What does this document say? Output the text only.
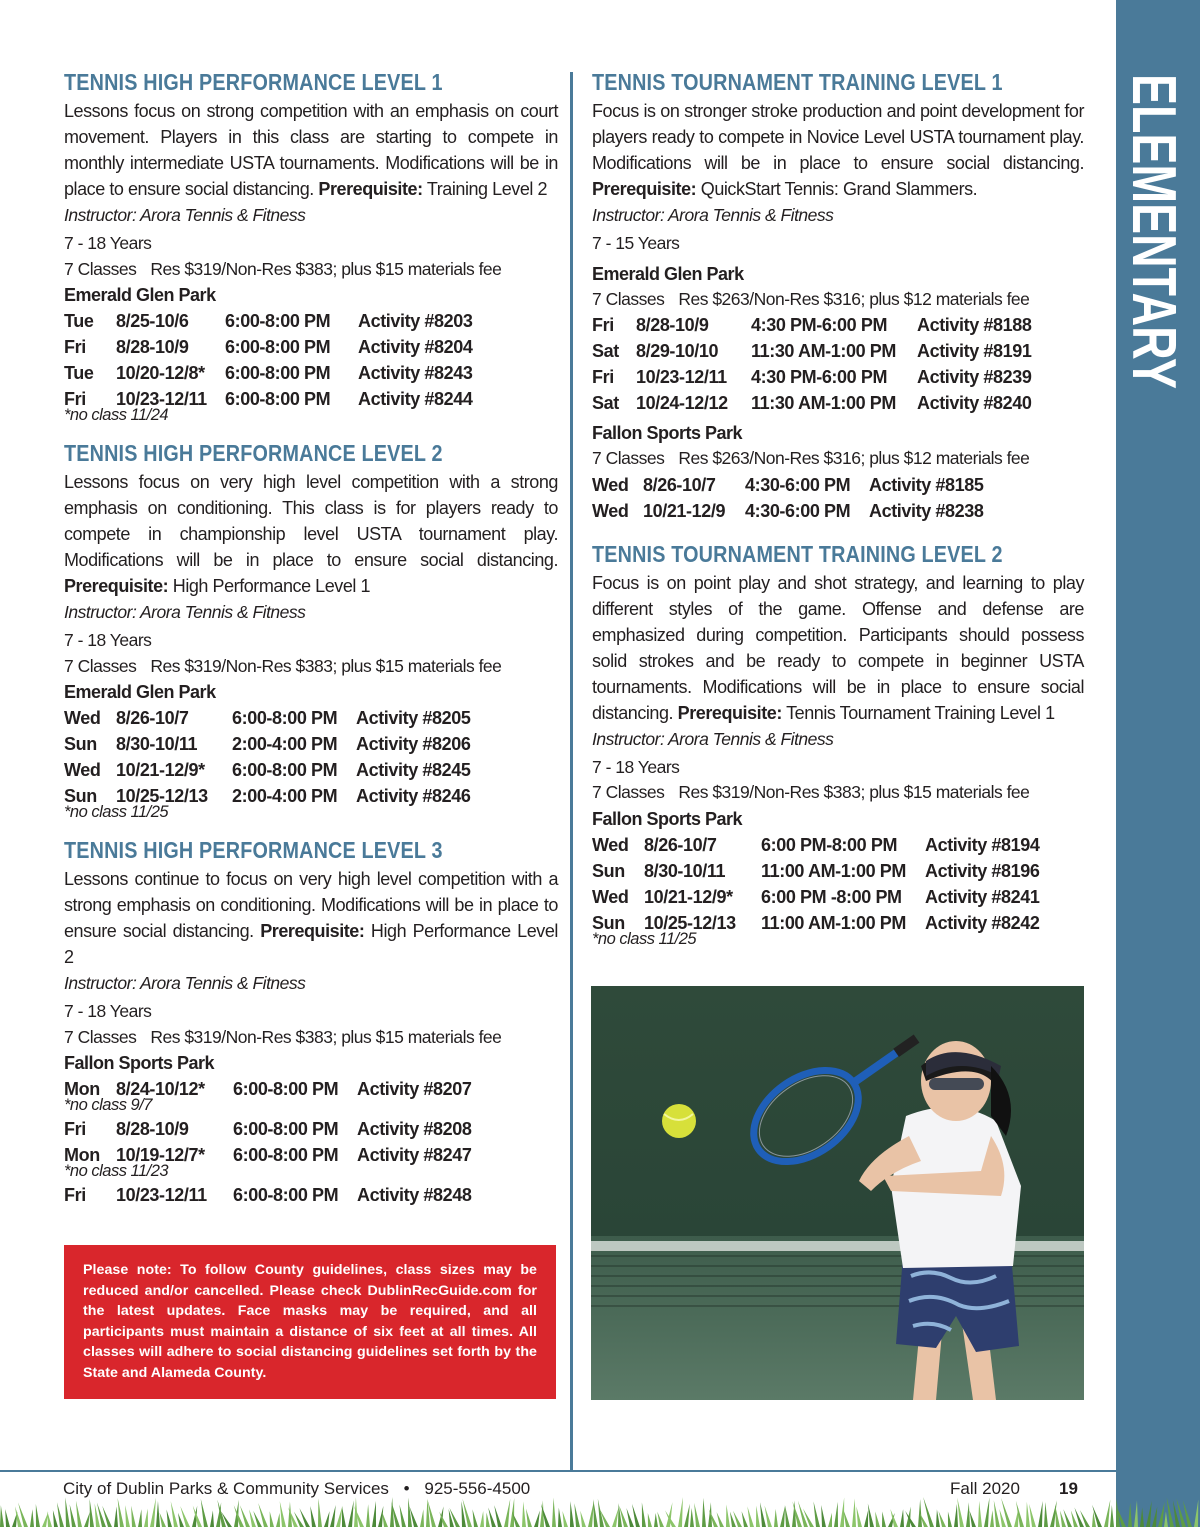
TENNIS HIGH PERFORMANCE LEVEL 1

Lessons focus on strong competition with an emphasis on court movement. Players in this class are starting to compete in monthly intermediate USTA tournaments. Modifications will be in place to ensure social distancing. Prerequisite: Training Level 2

Instructor: Arora Tennis & Fitness

7 - 18 Years

7 Classes Res $319/Non-Res $383; plus $15 materials fee

Emerald Glen Park

Tue	8/25-10/6	6:00-8:00 PM	Activity #8203
Fri	8/28-10/9	6:00-8:00 PM	Activity #8204
Tue	10/20-12/8*	6:00-8:00 PM	Activity #8243
Fri	10/23-12/11	6:00-8:00 PM	Activity #8244
*no class 11/24
TENNIS HIGH PERFORMANCE LEVEL 2

Lessons focus on very high level competition with a strong emphasis on conditioning. This class is for players ready to compete in championship level USTA tournament play. Modifications will be in place to ensure social distancing. Prerequisite: High Performance Level 1

Instructor: Arora Tennis & Fitness

7 - 18 Years

7 Classes Res $319/Non-Res $383; plus $15 materials fee

Emerald Glen Park

Wed 8/26-10/7	6:00-8:00 PM	Activity #8205
Sun	8/30-10/11	2:00-4:00 PM	Activity #8206
Wed 10/21-12/9*	6:00-8:00 PM	Activity #8245
Sun	10/25-12/13	2:00-4:00 PM	Activity #8246
*no class 11/25
TENNIS HIGH PERFORMANCE LEVEL 3

Lessons continue to focus on very high level competition with a strong emphasis on conditioning. Modifications will be in place to ensure social distancing. Prerequisite: High Performance Level 2

Instructor: Arora Tennis & Fitness

7 - 18 Years

7 Classes Res $319/Non-Res $383; plus $15 materials fee

Fallon Sports Park

Mon 8/24-10/12*	6:00-8:00 PM	Activity #8207
*no class 9/7
Fri	8/28-10/9	6:00-8:00 PM	Activity #8208
Mon 10/19-12/7*	6:00-8:00 PM	Activity #8247
*no class 11/23
Fri	10/23-12/11	6:00-8:00 PM	Activity #8248
TENNIS TOURNAMENT TRAINING LEVEL 1

Focus is on stronger stroke production and point development for players ready to compete in Novice Level USTA tournament play. Modifications will be in place to ensure social distancing. Prerequisite: QuickStart Tennis: Grand Slammers.

Instructor: Arora Tennis & Fitness

7 - 15 Years

Emerald Glen Park

7 Classes Res $263/Non-Res $316; plus $12 materials fee

Fri	8/28-10/9	4:30 PM-6:00 PM	Activity #8188
Sat 8/29-10/10	11:30 AM-1:00 PM	Activity #8191
Fri	10/23-12/11	4:30 PM-6:00 PM	Activity #8239
Sat 10/24-12/12	11:30 AM-1:00 PM	Activity #8240

Fallon Sports Park

7 Classes Res $263/Non-Res $316; plus $12 materials fee

Wed 8/26-10/7	4:30-6:00 PM	Activity #8185
Wed 10/21-12/9	4:30-6:00 PM	Activity #8238
TENNIS TOURNAMENT TRAINING LEVEL 2

Focus is on point play and shot strategy, and learning to play different styles of the game. Offense and defense are emphasized during competition. Participants should possess solid strokes and be ready to compete in beginner USTA tournaments. Modifications will be in place to ensure social distancing. Prerequisite: Tennis Tournament Training Level 1

Instructor: Arora Tennis & Fitness

7 - 18 Years

7 Classes Res $319/Non-Res $383; plus $15 materials fee

Fallon Sports Park

Wed 8/26-10/7	6:00 PM-8:00 PM	Activity #8194
Sun	8/30-10/11	11:00 AM-1:00 PM	Activity #8196
Wed 10/21-12/9*	6:00 PM -8:00 PM	Activity #8241
Sun	10/25-12/13	11:00 AM-1:00 PM	Activity #8242
*no class 11/25
Please note: To follow County guidelines, class sizes may be reduced and/or cancelled. Please check DublinRecGuide.com for the latest updates. Face masks may be required, and all participants must maintain a distance of six feet at all times. All classes will adhere to social distancing guidelines set forth by the State and Alameda County.
ELEMENTARY
City of Dublin Parks & Community Services • 925-556-4500	Fall 2020 19
